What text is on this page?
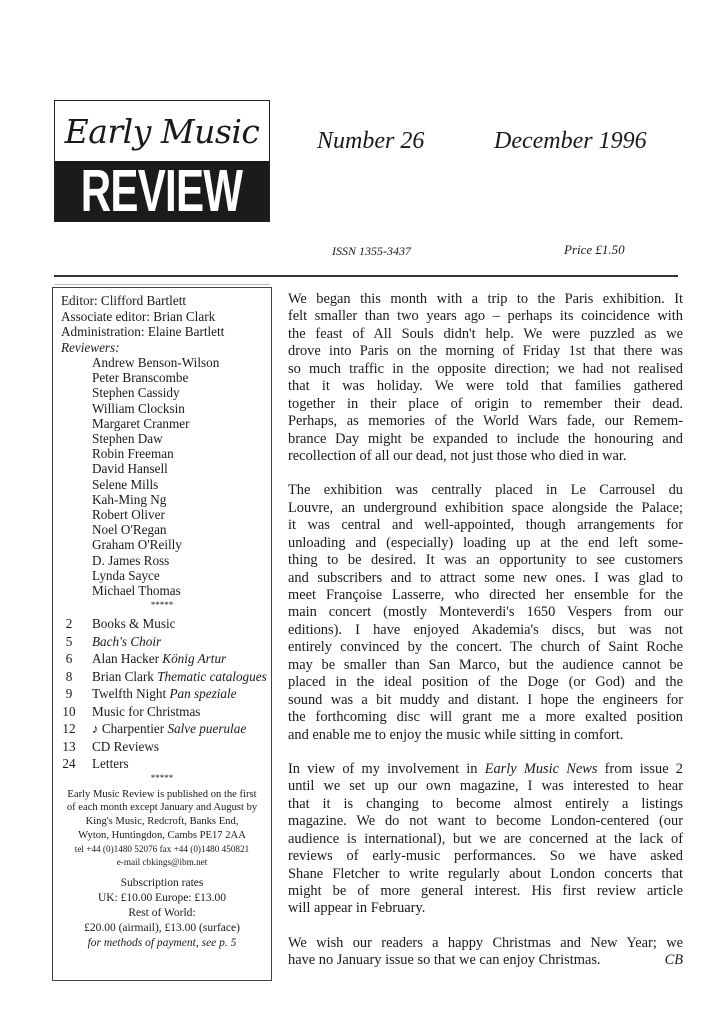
Early Music
REVIEW
Number 26	December 1996
ISSN 1355-3437	Price £1.50
Editor: Clifford Bartlett
Associate editor: Brian Clark
Administration: Elaine Bartlett
Reviewers:
Andrew Benson-Wilson
Peter Branscombe
Stephen Cassidy
William Clocksin
Margaret Cranmer
Stephen Daw
Robin Freeman
David Hansell
Selene Mills
Kah-Ming Ng
Robert Oliver
Noel O'Regan
Graham O'Reilly
D. James Ross
Lynda Sayce
Michael Thomas
*****
2	Books & Music
5	Bach's Choir
6	Alan Hacker König Artur
8	Brian Clark Thematic catalogues
9	Twelfth Night Pan speziale
10	Music for Christmas
12	♪ Charpentier Salve puerulae
13	CD Reviews
24	Letters
*****
Early Music Review is published on the first
of each month except January and August by
King's Music, Redcroft, Banks End,
Wyton, Huntingdon, Cambs PE17 2AA
tel +44 (0)1480 52076 fax +44 (0)1480 450821
e-mail cbkings@ibm.net
Subscription rates
UK: £10.00 Europe: £13.00
Rest of World:
£20.00 (airmail), £13.00 (surface)
for methods of payment, see p. 5
We began this month with a trip to the Paris exhibition. It
felt smaller than two years ago – perhaps its coincidence with
the feast of All Souls didn't help. We were puzzled as we
drove into Paris on the morning of Friday 1st that there was
so much traffic in the opposite direction; we had not realised
that it was holiday. We were told that families gathered
together in their place of origin to remember their dead.
Perhaps, as memories of the World Wars fade, our Remem-
brance Day might be expanded to include the honouring and
recollection of all our dead, not just those who died in war.
The exhibition was centrally placed in Le Carrousel du
Louvre, an underground exhibition space alongside the Palace;
it was central and well-appointed, though arrangements for
unloading and (especially) loading up at the end left some-
thing to be desired. It was an opportunity to see customers
and subscribers and to attract some new ones. I was glad to
meet Françoise Lasserre, who directed her ensemble for the
main concert (mostly Monteverdi's 1650 Vespers from our
editions). I have enjoyed Akademia's discs, but was not
entirely convinced by the concert. The church of Saint Roche
may be smaller than San Marco, but the audience cannot be
placed in the ideal position of the Doge (or God) and the
sound was a bit muddy and distant. I hope the engineers for
the forthcoming disc will grant me a more exalted position
and enable me to enjoy the music while sitting in comfort.
In view of my involvement in Early Music News from issue 2
until we set up our own magazine, I was interested to hear
that it is changing to become almost entirely a listings
magazine. We do not want to become London-centered (our
audience is international), but we are concerned at the lack of
reviews of early-music performances. So we have asked
Shane Fletcher to write regularly about London concerts that
might be of more general interest. His first review article
will appear in February.
We wish our readers a happy Christmas and New Year; we
have no January issue so that we can enjoy Christmas.	CB
